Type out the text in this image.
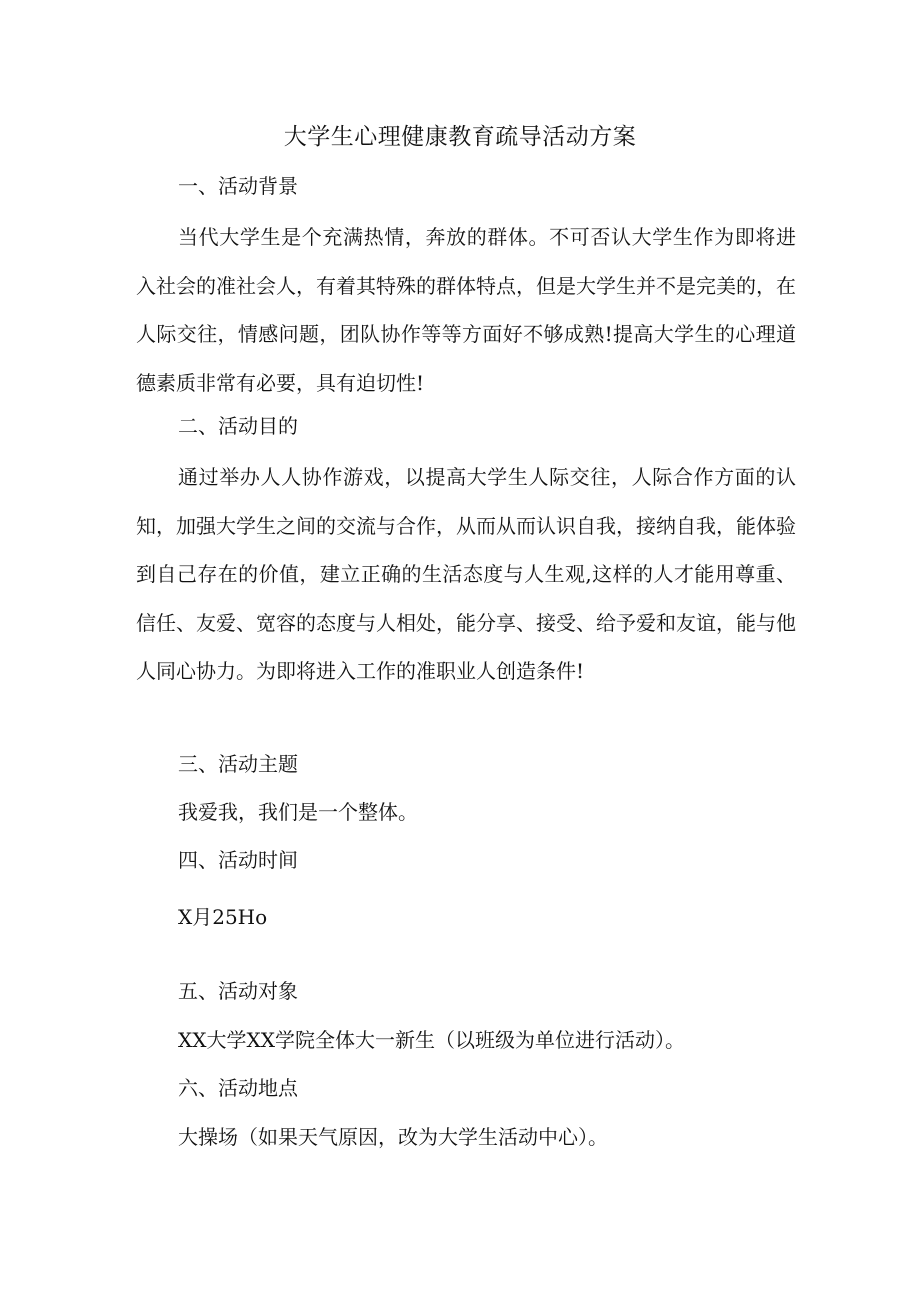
大学生心理健康教育疏导活动方案
一、活动背景

当代大学生是个充满热情，奔放的群体。不可否认大学生作为即将进入社会的准社会人，有着其特殊的群体特点，但是大学生并不是完美的，在人际交往，情感问题，团队协作等等方面好不够成熟!提高大学生的心理道德素质非常有必要，具有迫切性!

二、活动目的

通过举办人人协作游戏，以提高大学生人际交往，人际合作方面的认知，加强大学生之间的交流与合作，从而从而认识自我，接纳自我，能体验到自己存在的价值，建立正确的生活态度与人生观,这样的人才能用尊重、信任、友爱、宽容的态度与人相处，能分享、接受、给予爱和友谊，能与他人同心协力。为即将进入工作的准职业人创造条件!

三、活动主题
我爱我，我们是一个整体。
四、活动时间
X月25Ho
五、活动对象
XX大学XX学院全体大一新生（以班级为单位进行活动）。
六、活动地点
大操场（如果天气原因，改为大学生活动中心）。
